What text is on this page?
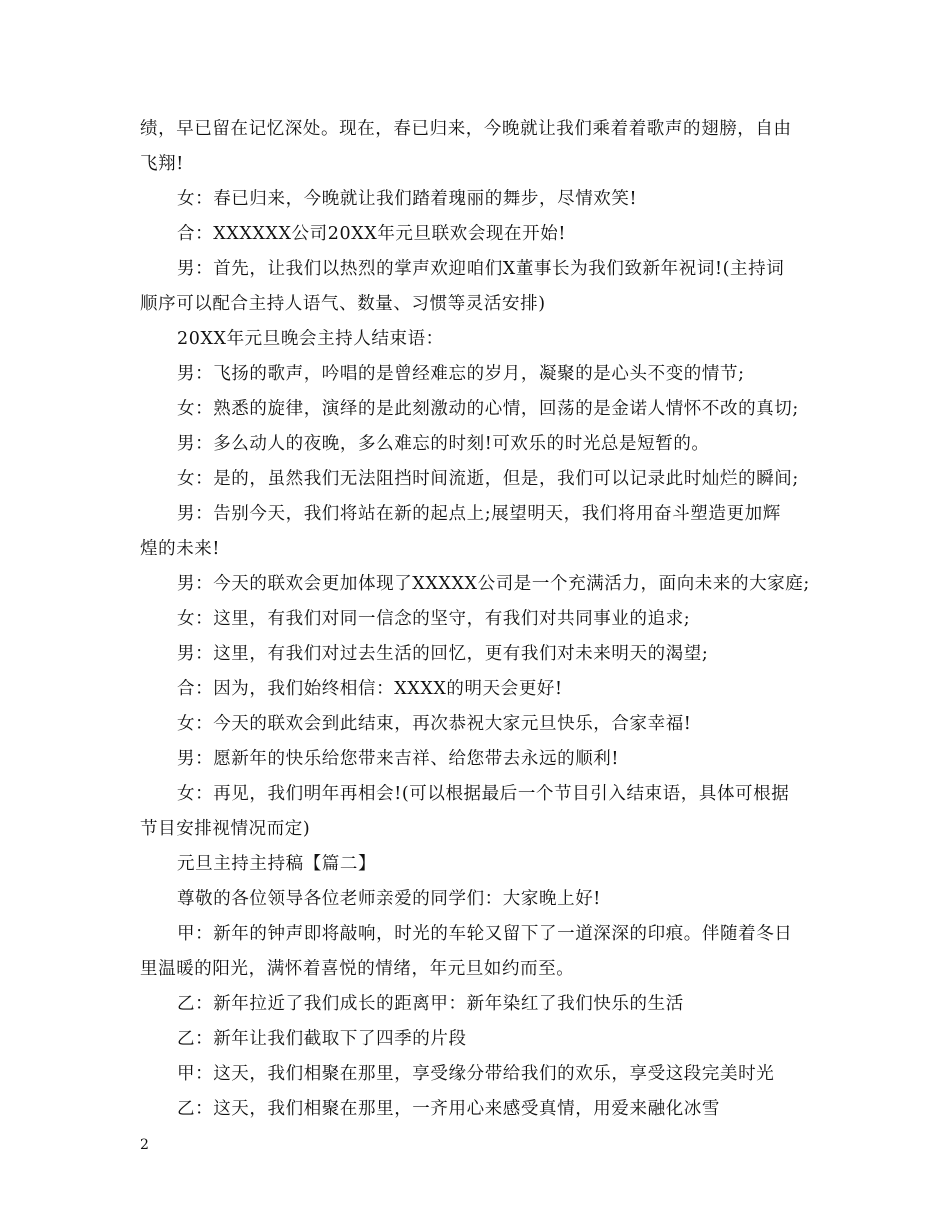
绩，早已留在记忆深处。现在，春已归来，今晚就让我们乘着着歌声的翅膀，自由
飞翔!
女：春已归来，今晚就让我们踏着瑰丽的舞步，尽情欢笑!
合：XXXXXX公司20XX年元旦联欢会现在开始!
男：首先，让我们以热烈的掌声欢迎咱们X董事长为我们致新年祝词!(主持词
顺序可以配合主持人语气、数量、习惯等灵活安排)
20XX年元旦晚会主持人结束语：
男：飞扬的歌声，吟唱的是曾经难忘的岁月，凝聚的是心头不变的情节;
女：熟悉的旋律，演绎的是此刻激动的心情，回荡的是金诺人情怀不改的真切;
男：多么动人的夜晚，多么难忘的时刻!可欢乐的时光总是短暂的。
女：是的，虽然我们无法阻挡时间流逝，但是，我们可以记录此时灿烂的瞬间;
男：告别今天，我们将站在新的起点上;展望明天，我们将用奋斗塑造更加辉
煌的未来!
男：今天的联欢会更加体现了XXXXX公司是一个充满活力，面向未来的大家庭;
女：这里，有我们对同一信念的坚守，有我们对共同事业的追求;
男：这里，有我们对过去生活的回忆，更有我们对未来明天的渴望;
合：因为，我们始终相信：XXXX的明天会更好!
女：今天的联欢会到此结束，再次恭祝大家元旦快乐，合家幸福!
男：愿新年的快乐给您带来吉祥、给您带去永远的顺利!
女：再见，我们明年再相会!(可以根据最后一个节目引入结束语，具体可根据
节目安排视情况而定)
元旦主持主持稿【篇二】
尊敬的各位领导各位老师亲爱的同学们：大家晚上好!
甲：新年的钟声即将敲响，时光的车轮又留下了一道深深的印痕。伴随着冬日
里温暖的阳光，满怀着喜悦的情绪，年元旦如约而至。
乙：新年拉近了我们成长的距离甲：新年染红了我们快乐的生活
乙：新年让我们截取下了四季的片段
甲：这天，我们相聚在那里，享受缘分带给我们的欢乐，享受这段完美时光
乙：这天，我们相聚在那里，一齐用心来感受真情，用爱来融化冰雪
2
